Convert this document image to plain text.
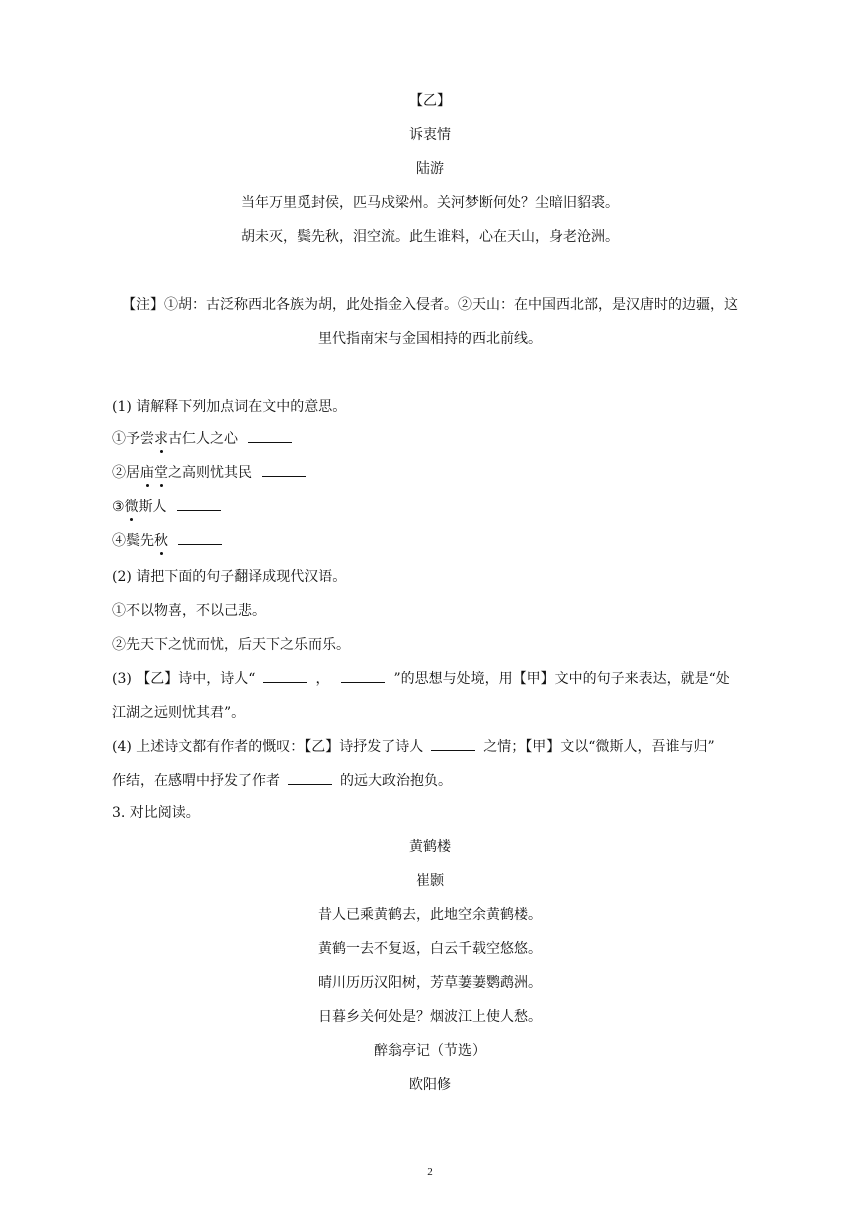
【乙】
诉衷情
陆游
当年万里觅封侯，匹马戍梁州。关河梦断何处？尘暗旧貂裘。
胡未灭，鬓先秋，泪空流。此生谁料，心在天山，身老沧洲。
【注】①胡：古泛称西北各族为胡，此处指金入侵者。②天山：在中国西北部，是汉唐时的边疆，这
里代指南宋与金国相持的西北前线。
(1) 请解释下列加点词在文中的意思。
①予尝求古仁人之心
②居庙堂之高则忧其民
③微斯人
④鬓先秋
(2) 请把下面的句子翻译成现代汉语。
①不以物喜，不以己悲。
②先天下之忧而忧，后天下之乐而乐。
(3) 【乙】诗中，诗人“	，	”的思想与处境，用【甲】文中的句子来表达，就是“处
江湖之远则忧其君”。
(4) 上述诗文都有作者的慨叹：【乙】诗抒发了诗人	之情；【甲】文以“微斯人，吾谁与归”
作结，在感喟中抒发了作者	的远大政治抱负。
3. 对比阅读。
黄鹤楼
崔颢
昔人已乘黄鹤去，此地空余黄鹤楼。
黄鹤一去不复返，白云千载空悠悠。
晴川历历汉阳树，芳草萋萋鹦鹉洲。
日暮乡关何处是？烟波江上使人愁。
醉翁亭记（节选）
欧阳修
2
